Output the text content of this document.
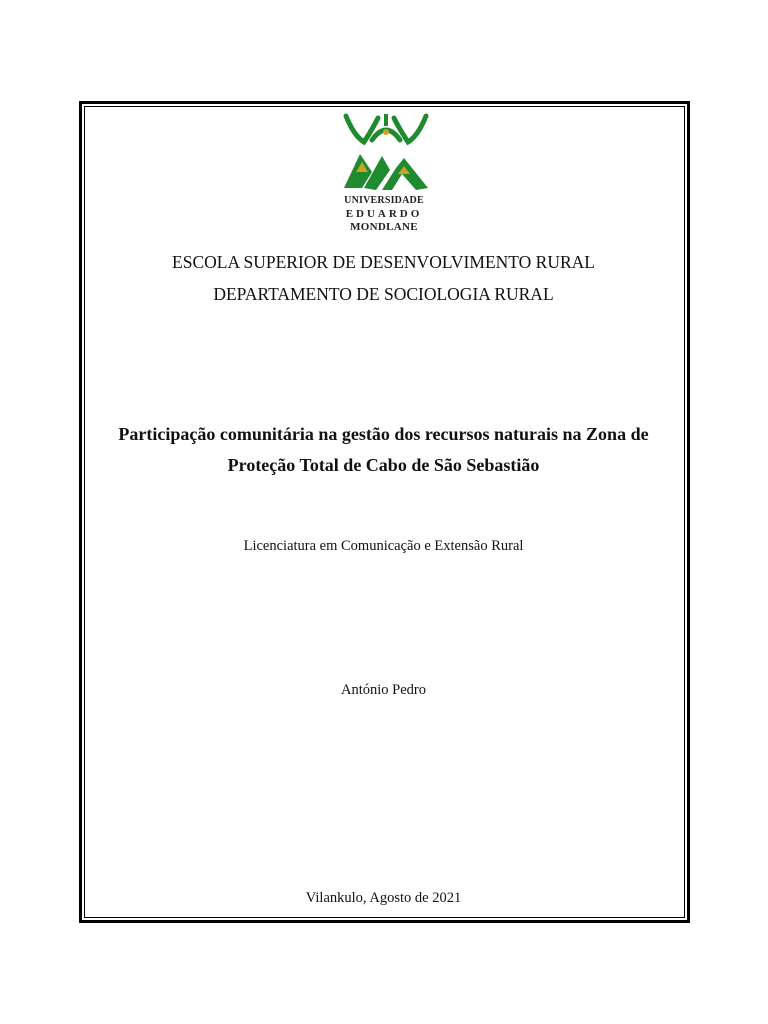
UNIVERSIDADE
EDUARDO
MONDLANE
ESCOLA SUPERIOR DE DESENVOLVIMENTO RURAL
DEPARTAMENTO DE SOCIOLOGIA RURAL
Participação comunitária na gestão dos recursos naturais na Zona de
Proteção Total de Cabo de São Sebastião
Licenciatura em Comunicação e Extensão Rural
António Pedro
Vilankulo, Agosto de 2021
